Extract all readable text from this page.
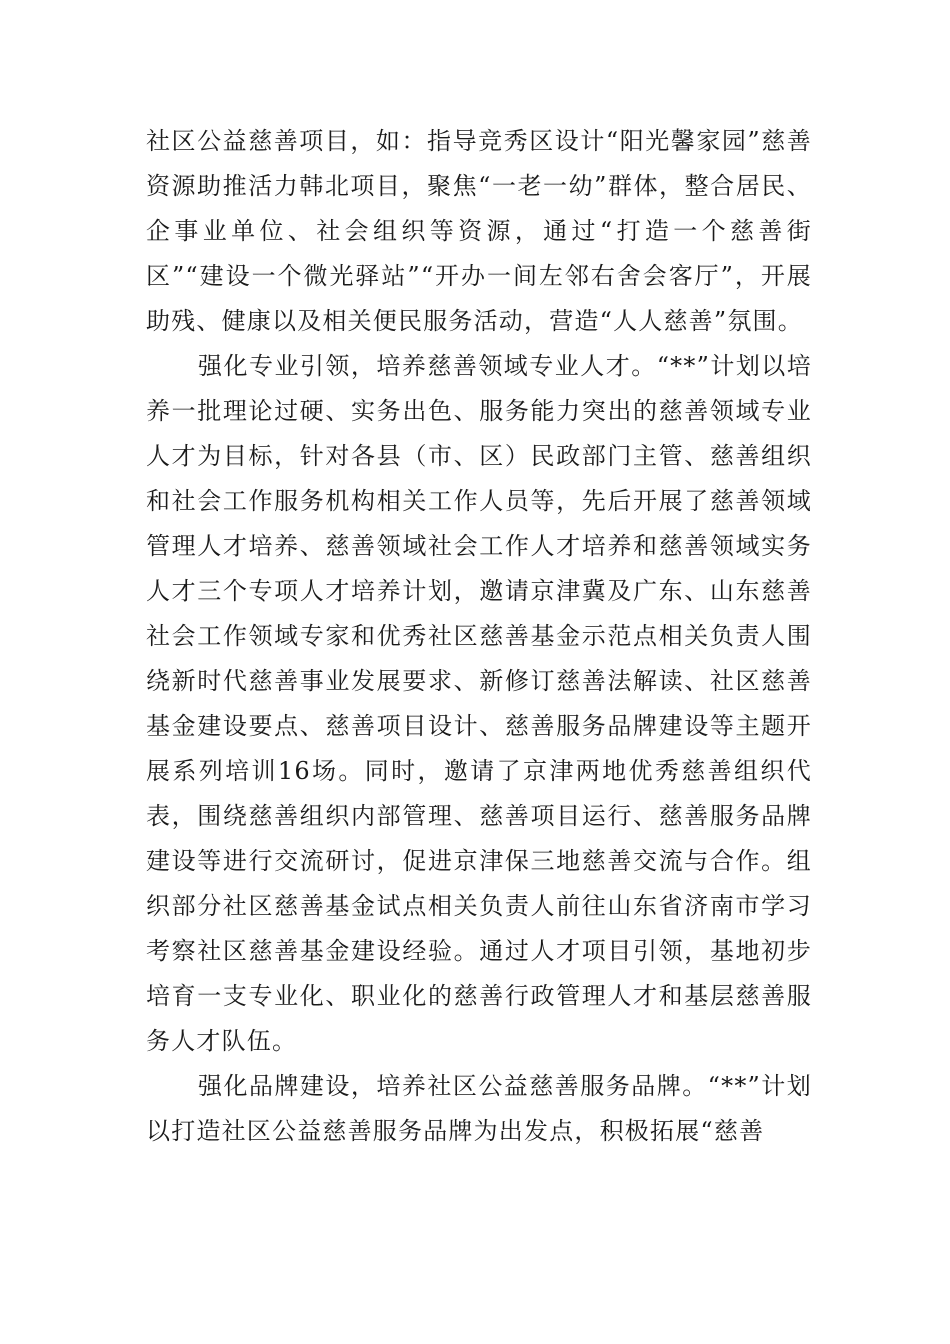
社区公益慈善项目，如：指导竞秀区设计“阳光馨家园”慈善资源助推活力韩北项目，聚焦“一老一幼”群体，整合居民、企事业单位、社会组织等资源，通过“打造一个慈善街区”“建设一个微光驿站”“开办一间左邻右舍会客厅”，开展助残、健康以及相关便民服务活动，营造“人人慈善”氛围。

强化专业引领，培养慈善领域专业人才。“**”计划以培养一批理论过硬、实务出色、服务能力突出的慈善领域专业人才为目标，针对各县（市、区）民政部门主管、慈善组织和社会工作服务机构相关工作人员等，先后开展了慈善领域管理人才培养、慈善领域社会工作人才培养和慈善领域实务人才三个专项人才培养计划，邀请京津冀及广东、山东慈善社会工作领域专家和优秀社区慈善基金示范点相关负责人围绕新时代慈善事业发展要求、新修订慈善法解读、社区慈善基金建设要点、慈善项目设计、慈善服务品牌建设等主题开展系列培训16场。同时，邀请了京津两地优秀慈善组织代表，围绕慈善组织内部管理、慈善项目运行、慈善服务品牌建设等进行交流研讨，促进京津保三地慈善交流与合作。组织部分社区慈善基金试点相关负责人前往山东省济南市学习考察社区慈善基金建设经验。通过人才项目引领，基地初步培育一支专业化、职业化的慈善行政管理人才和基层慈善服务人才队伍。

强化品牌建设，培养社区公益慈善服务品牌。“**”计划以打造社区公益慈善服务品牌为出发点，积极拓展“慈善
